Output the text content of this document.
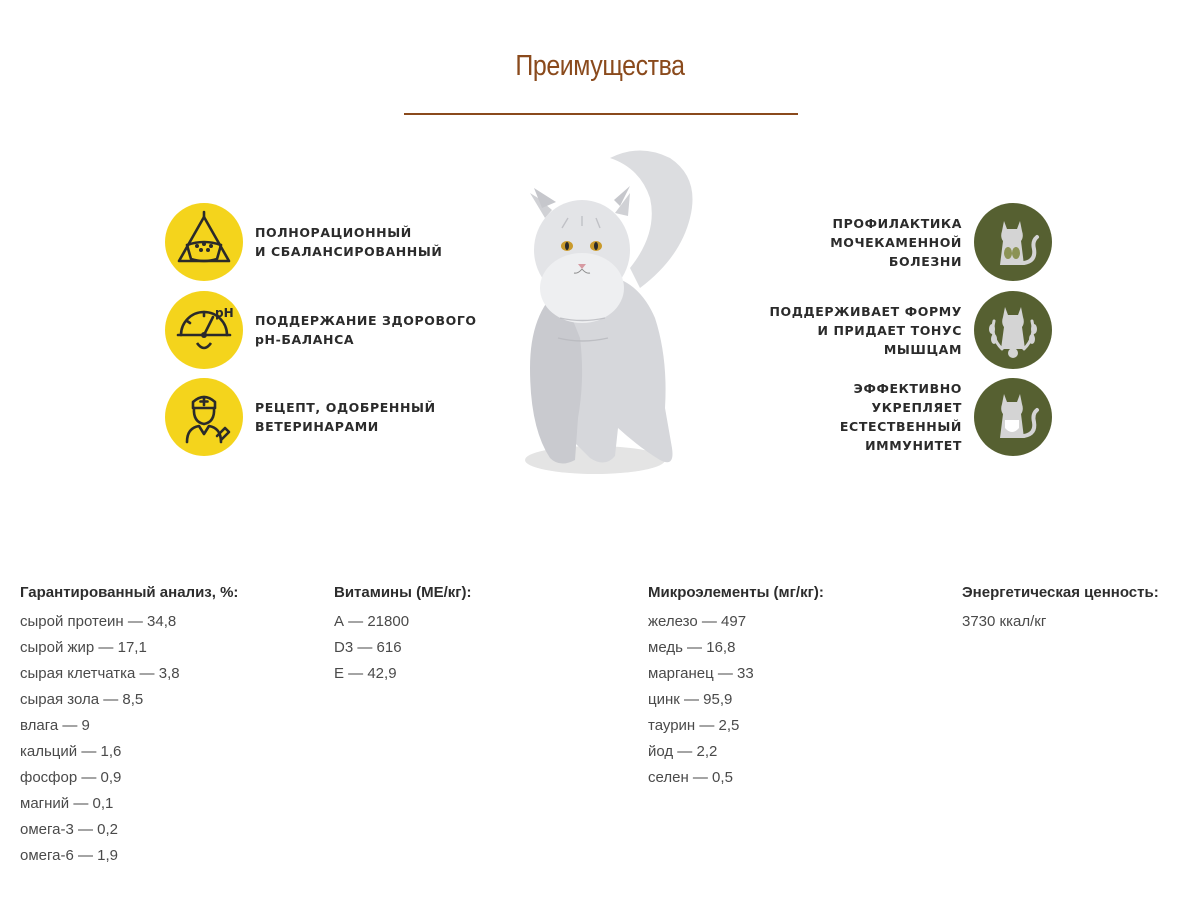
Преимущества
ПОЛНОРАЦИОННЫЙ
И СБАЛАНСИРОВАННЫЙ
pH ПОДДЕРЖАНИЕ ЗДОРОВОГО
pH-БАЛАНСА
РЕЦЕПТ, ОДОБРЕННЫЙ
ВЕТЕРИНАРАМИ
ПРОФИЛАКТИКА
МОЧЕКАМЕННОЙ БОЛЕЗНИ
ПОДДЕРЖИВАЕТ ФОРМУ
И ПРИДАЕТ ТОНУС МЫШЦАМ
ЭФФЕКТИВНО УКРЕПЛЯЕТ
ЕСТЕСТВЕННЫЙ ИММУНИТЕТ
Гарантированный анализ, %:
сырой протеин — 34,8
сырой жир — 17,1
сырая клетчатка — 3,8
сырая зола — 8,5
влага — 9
кальций — 1,6
фосфор — 0,9
магний — 0,1
омега-3 — 0,2
омега-6 — 1,9
Витамины (МЕ/кг):
А — 21800
D3 — 616
Е — 42,9
Микроэлементы (мг/кг):
железо — 497
медь — 16,8
марганец — 33
цинк — 95,9
таурин — 2,5
йод — 2,2
селен — 0,5
Энергетическая ценность:
3730 ккал/кг
